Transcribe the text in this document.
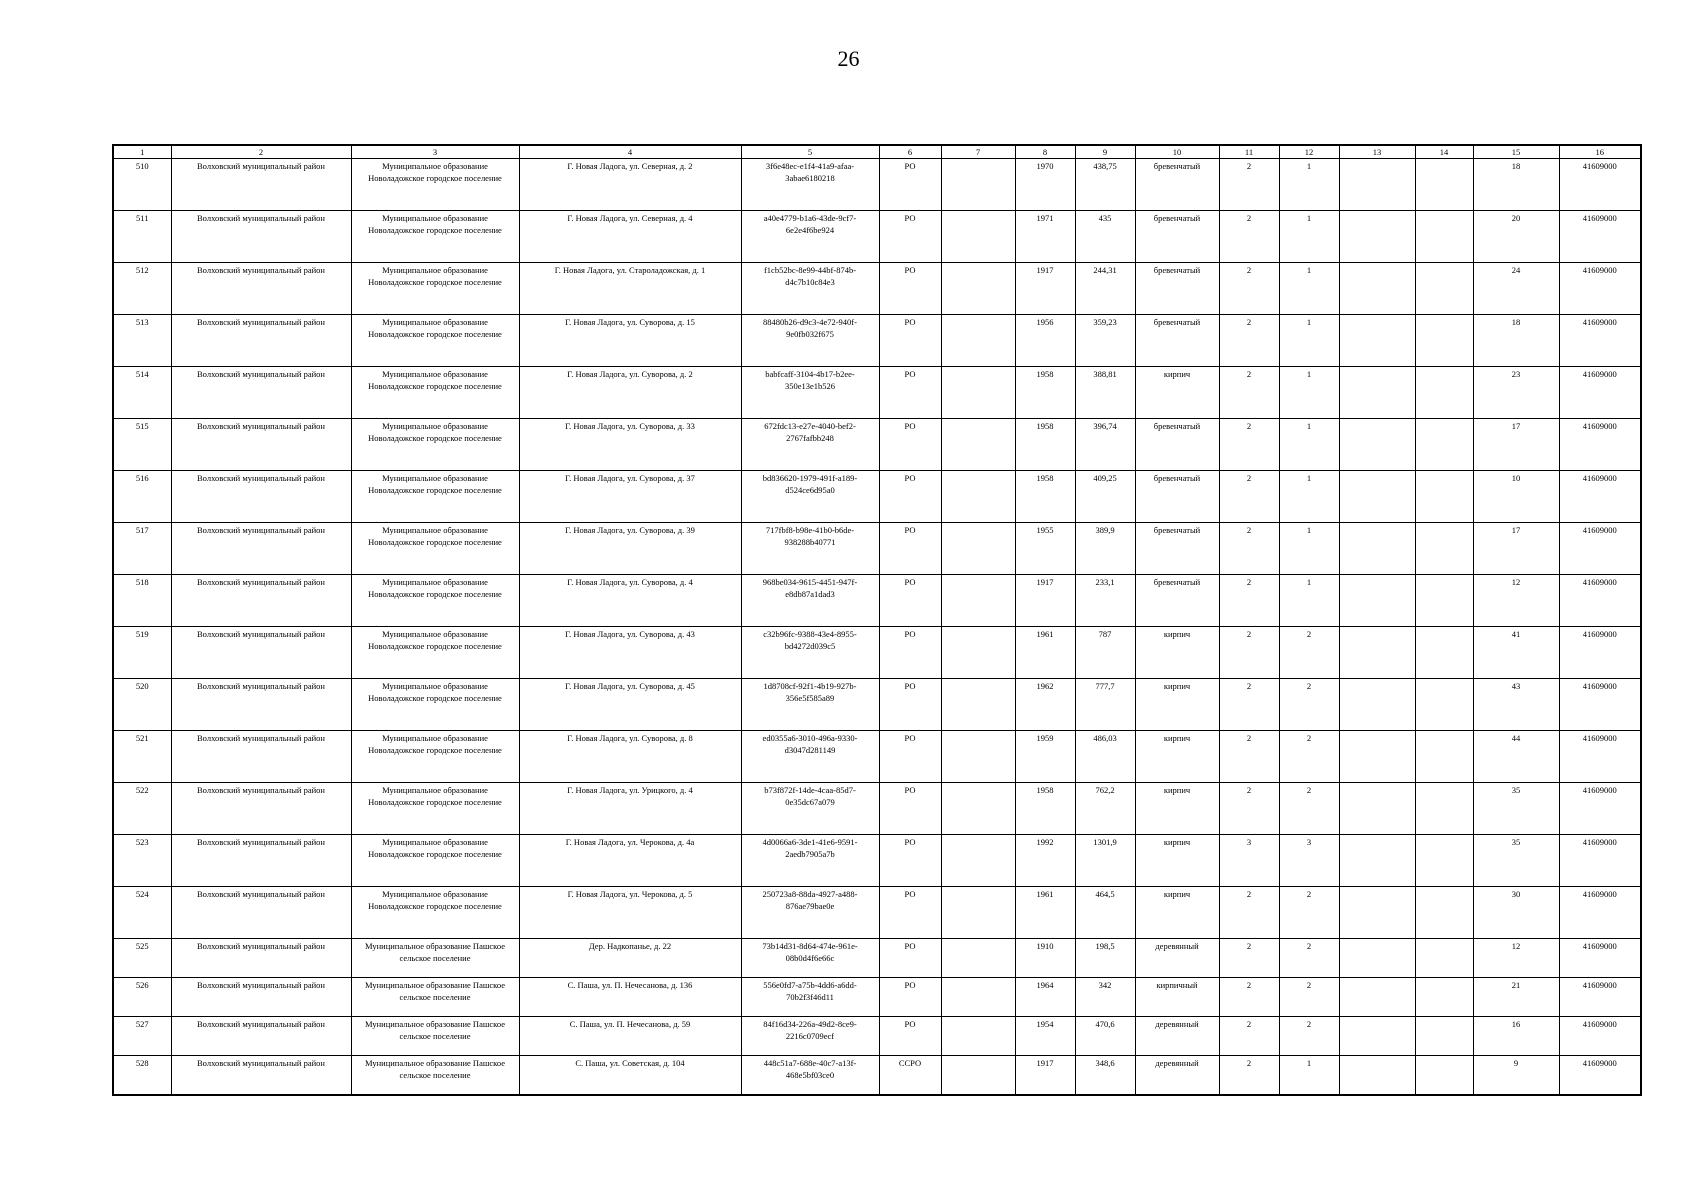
26
1	2	3	4	5	6	7	8	9	10	11	12	13	14	15	16
510	Волховский муниципальный район	Муниципальное образование Новоладожское городское поселение	Г. Новая Ладога, ул. Северная, д. 2	3f6e48ec-e1f4-41a9-afaa-3abae6180218	РО		1970	438,75	бревенчатый	2	1			18	41609000
511	Волховский муниципальный район	Муниципальное образование Новоладожское городское поселение	Г. Новая Ладога, ул. Северная, д. 4	a40e4779-b1a6-43de-9cf7-6e2e4f6be924	РО		1971	435	бревенчатый	2	1			20	41609000
512	Волховский муниципальный район	Муниципальное образование Новоладожское городское поселение	Г. Новая Ладога, ул. Староладожская, д. 1	f1cb52bc-8e99-44bf-874b-d4c7b10c84e3	РО		1917	244,31	бревенчатый	2	1			24	41609000
513	Волховский муниципальный район	Муниципальное образование Новоладожское городское поселение	Г. Новая Ладога, ул. Суворова, д. 15	88480b26-d9c3-4e72-940f-9e0fb032f675	РО		1956	359,23	бревенчатый	2	1			18	41609000
514	Волховский муниципальный район	Муниципальное образование Новоладожское городское поселение	Г. Новая Ладога, ул. Суворова, д. 2	babfcaff-3104-4b17-b2ee-350e13e1b526	РО		1958	388,81	кирпич	2	1			23	41609000
515	Волховский муниципальный район	Муниципальное образование Новоладожское городское поселение	Г. Новая Ладога, ул. Суворова, д. 33	672fdc13-e27e-4040-bef2-2767fafbb248	РО		1958	396,74	бревенчатый	2	1			17	41609000
516	Волховский муниципальный район	Муниципальное образование Новоладожское городское поселение	Г. Новая Ладога, ул. Суворова, д. 37	bd836620-1979-491f-a189-d524ce6d95a0	РО		1958	409,25	бревенчатый	2	1			10	41609000
517	Волховский муниципальный район	Муниципальное образование Новоладожское городское поселение	Г. Новая Ладога, ул. Суворова, д. 39	717fbf8-b98e-41b0-b6de-938288b40771	РО		1955	389,9	бревенчатый	2	1			17	41609000
518	Волховский муниципальный район	Муниципальное образование Новоладожское городское поселение	Г. Новая Ладога, ул. Суворова, д. 4	968be034-9615-4451-947f-e8db87a1dad3	РО		1917	233,1	бревенчатый	2	1			12	41609000
519	Волховский муниципальный район	Муниципальное образование Новоладожское городское поселение	Г. Новая Ладога, ул. Суворова, д. 43	c32b96fc-9388-43e4-8955-bd4272d039c5	РО		1961	787	кирпич	2	2			41	41609000
520	Волховский муниципальный район	Муниципальное образование Новоладожское городское поселение	Г. Новая Ладога, ул. Суворова, д. 45	1d8708cf-92f1-4b19-927b-356e5f585a89	РО		1962	777,7	кирпич	2	2			43	41609000
521	Волховский муниципальный район	Муниципальное образование Новоладожское городское поселение	Г. Новая Ладога, ул. Суворова, д. 8	ed0355a6-3010-496a-9330-d3047d281149	РО		1959	486,03	кирпич	2	2			44	41609000
522	Волховский муниципальный район	Муниципальное образование Новоладожское городское поселение	Г. Новая Ладога, ул. Урицкого, д. 4	b73f872f-14de-4caa-85d7-0e35dc67a079	РО		1958	762,2	кирпич	2	2			35	41609000
523	Волховский муниципальный район	Муниципальное образование Новоладожское городское поселение	Г. Новая Ладога, ул. Черокова, д. 4а	4d0066a6-3de1-41e6-9591-2aedb7905a7b	РО		1992	1301,9	кирпич	3	3			35	41609000
524	Волховский муниципальный район	Муниципальное образование Новоладожское городское поселение	Г. Новая Ладога, ул. Черокова, д. 5	250723a8-88da-4927-a488-876ae79bae0e	РО		1961	464,5	кирпич	2	2			30	41609000
525	Волховский муниципальный район	Муниципальное образование Пашское сельское поселение	Дер. Надкопанье, д. 22	73b14d31-8d64-474e-961e-08b0d4f6e66c	РО		1910	198,5	деревянный	2	2			12	41609000
526	Волховский муниципальный район	Муниципальное образование Пашское сельское поселение	С. Паша, ул. П. Нечесанова, д. 136	556e0fd7-a75b-4dd6-a6dd-70b2f3f46d11	РО		1964	342	кирпичный	2	2			21	41609000
527	Волховский муниципальный район	Муниципальное образование Пашское сельское поселение	С. Паша, ул. П. Нечесанова, д. 59	84f16d34-226a-49d2-8ce9-2216c0709ecf	РО		1954	470,6	деревянный	2	2			16	41609000
528	Волховский муниципальный район	Муниципальное образование Пашское сельское поселение	С. Паша, ул. Советская, д. 104	448c51a7-688e-40c7-a13f-468e5bf03ce0	ССРО		1917	348,6	деревянный	2	1			9	41609000
